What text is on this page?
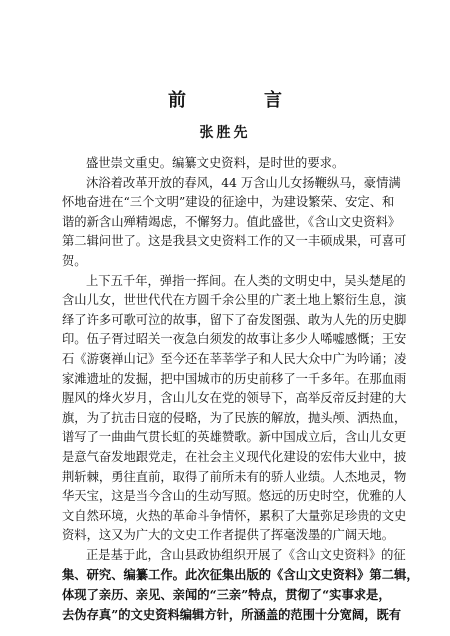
前　言
张胜先
盛世崇文重史。编纂文史资料，是时世的要求。
沐浴着改革开放的春风，44 万含山儿女扬鞭纵马，豪情满
怀地奋进在“三个文明”建设的征途中，为建设繁荣、安定、和
谐的新含山殚精竭虑，不懈努力。值此盛世，《含山文史资料》
第二辑问世了。这是我县文史资料工作的又一丰硕成果，可喜可
贺。
上下五千年，弹指一挥间。在人类的文明史中，吴头楚尾的
含山儿女，世世代代在方圆千余公里的广袤土地上繁衍生息，演
绎了许多可歌可泣的故事，留下了奋发图强、敢为人先的历史脚
印。伍子胥过昭关一夜急白须发的故事让多少人唏嘘感慨；王安
石《游褒禅山记》至今还在莘莘学子和人民大众中广为吟诵；凌
家滩遗址的发掘，把中国城市的历史前移了一千多年。在那血雨
腥风的烽火岁月，含山儿女在党的领导下，高举反帝反封建的大
旗，为了抗击日寇的侵略，为了民族的解放，抛头颅、洒热血，
谱写了一曲曲气贯长虹的英雄赞歌。新中国成立后，含山儿女更
是意气奋发地跟党走，在社会主义现代化建设的宏伟大业中，披
荆斩棘，勇往直前，取得了前所未有的骄人业绩。人杰地灵，物
华天宝，这是当今含山的生动写照。悠远的历史时空，优雅的人
文自然环境，火热的革命斗争情怀，累积了大量弥足珍贵的文史
资料，这又为广大的文史工作者提供了挥毫泼墨的广阔天地。
正是基于此，含山县政协组织开展了《含山文史资料》的征
集、研究、编纂工作。此次征集出版的《含山文史资料》第二辑，
体现了亲历、亲见、亲闻的“三亲”特点，贯彻了“实事求是，
去伪存真”的文史资料编辑方针，所涵盖的范围十分宽阔，既有
